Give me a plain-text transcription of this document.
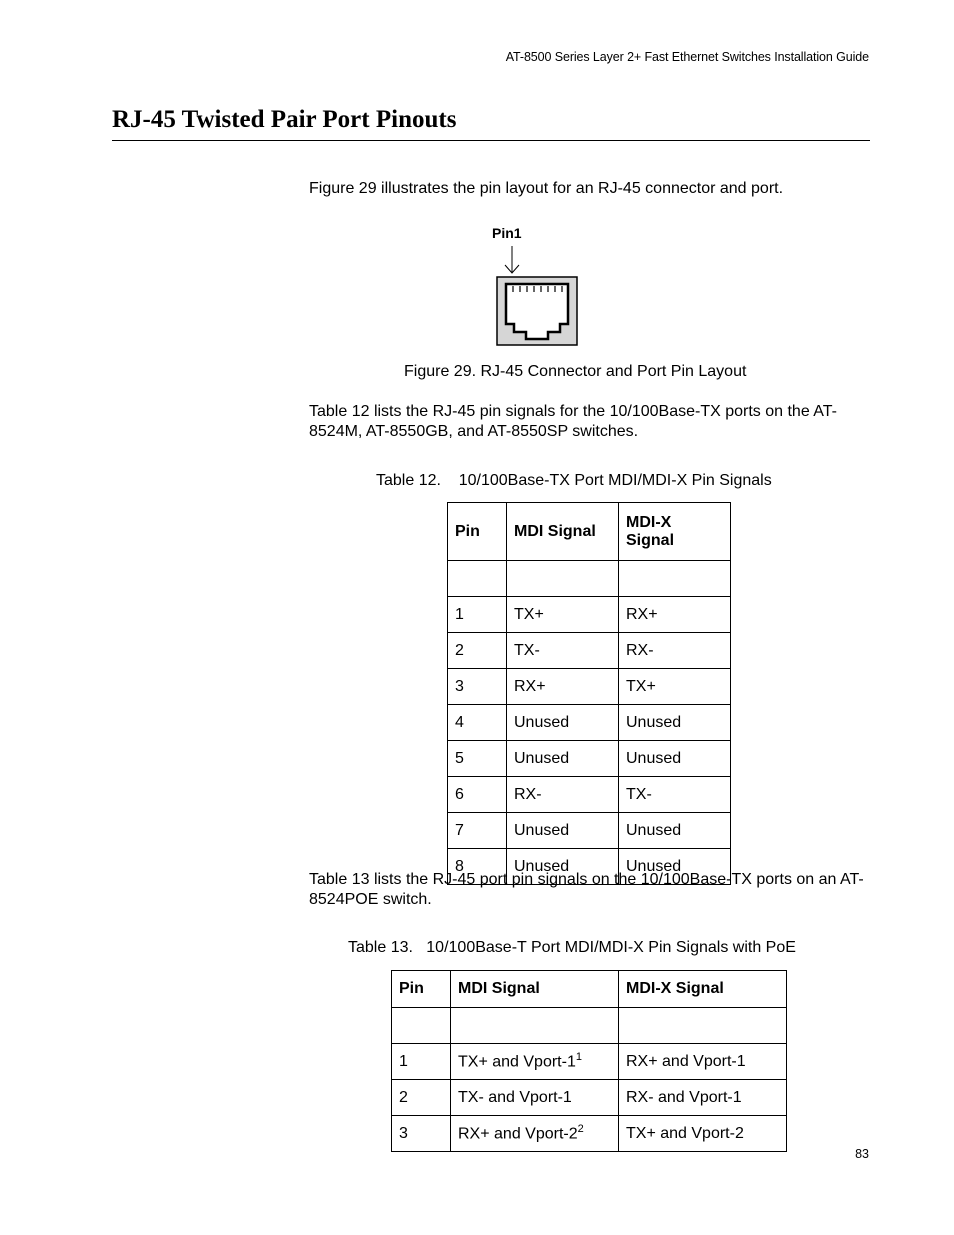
AT-8500 Series Layer 2+ Fast Ethernet Switches Installation Guide
RJ-45 Twisted Pair Port Pinouts

Figure 29 illustrates the pin layout for an RJ-45 connector and port.

Pin1
Figure 29. RJ-45 Connector and Port Pin Layout

Table 12 lists the RJ-45 pin signals for the 10/100Base-TX ports on the AT-8524M, AT-8550GB, and AT-8550SP switches.

Table 12. 10/100Base-TX Port MDI/MDI-X Pin Signals
Pin	MDI Signal	MDI-X Signal

1	TX+	RX+
2	TX-	RX-
3	RX+	TX+
4	Unused	Unused
5	Unused	Unused
6	RX-	TX-
7	Unused	Unused
8	Unused	Unused

Table 13 lists the RJ-45 port pin signals on the 10/100Base-TX ports on an AT-8524POE switch.

Table 13. 10/100Base-T Port MDI/MDI-X Pin Signals with PoE
Pin	MDI Signal	MDI-X Signal

1	TX+ and Vport-$1^1$	RX+ and Vport-1
2	TX- and Vport-1	RX- and Vport-1
3	RX+ and Vport-$2^2$	TX+ and Vport-2
83
